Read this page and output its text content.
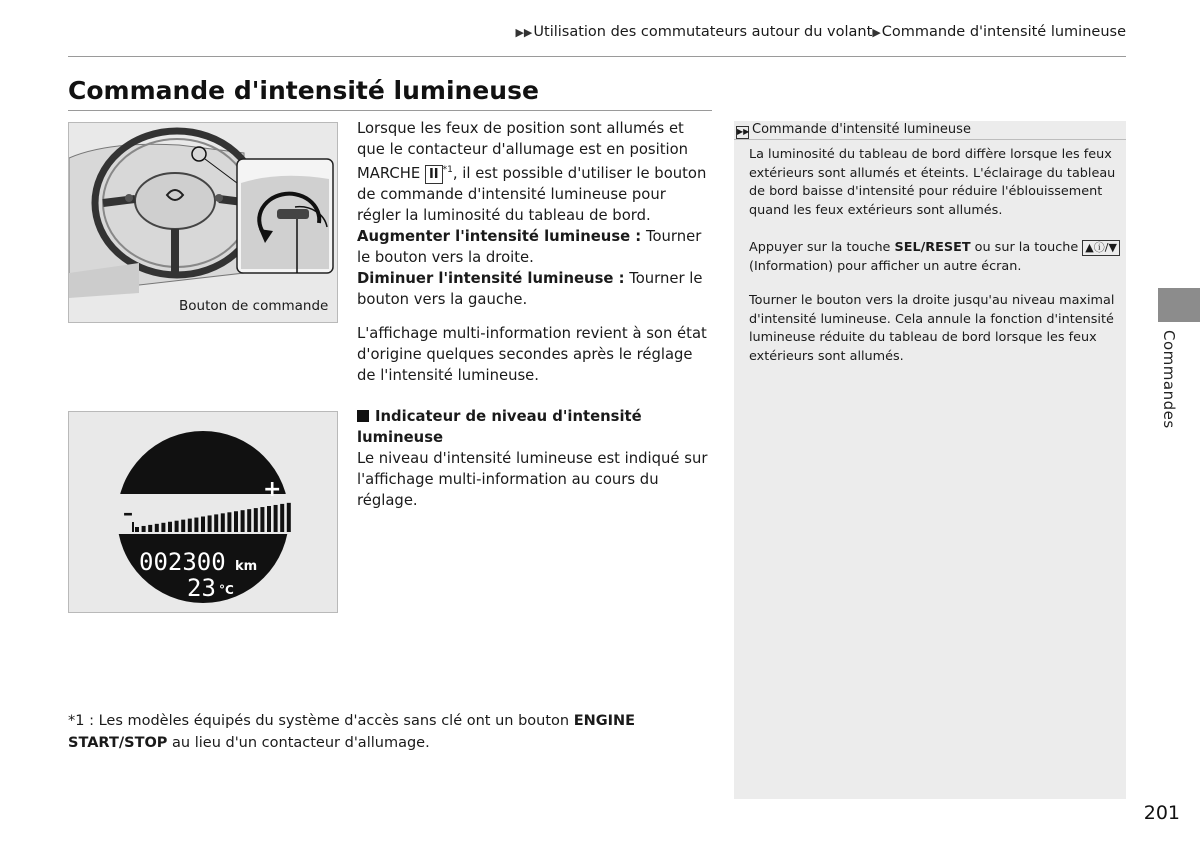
▶▶Utilisation des commutateurs autour du volant▶Commande d'intensité lumineuse
Commande d'intensité lumineuse
Bouton de commande
–
+
002300 km
23 °C

Lorsque les feux de position sont allumés et que le contacteur d'allumage est en position MARCHE II $^{*1}$, il est possible d'utiliser le bouton de commande d'intensité lumineuse pour régler la luminosité du tableau de bord.

Augmenter l'intensité lumineuse : Tourner le bouton vers la droite.

Diminuer l'intensité lumineuse : Tourner le bouton vers la gauche.

L'affichage multi-information revient à son état d'origine quelques secondes après le réglage de l'intensité lumineuse.

Indicateur de niveau d'intensité lumineuse

Le niveau d'intensité lumineuse est indiqué sur l'affichage multi-information au cours du réglage.

*1 : Les modèles équipés du système d'accès sans clé ont un bouton ENGINE START/STOP au lieu d'un contacteur d'allumage.

▶▶ Commande d'intensité lumineuse

La luminosité du tableau de bord diffère lorsque les feux extérieurs sont allumés et éteints. L'éclairage du tableau de bord baisse d'intensité pour réduire l'éblouissement quand les feux extérieurs sont allumés.

Appuyer sur la touche SEL/RESET ou sur la touche ▲ⓘ/▼ (Information) pour afficher un autre écran.

Tourner le bouton vers la droite jusqu'au niveau maximal d'intensité lumineuse. Cela annule la fonction d'intensité lumineuse réduite du tableau de bord lorsque les feux extérieurs sont allumés.	Commandes
201
